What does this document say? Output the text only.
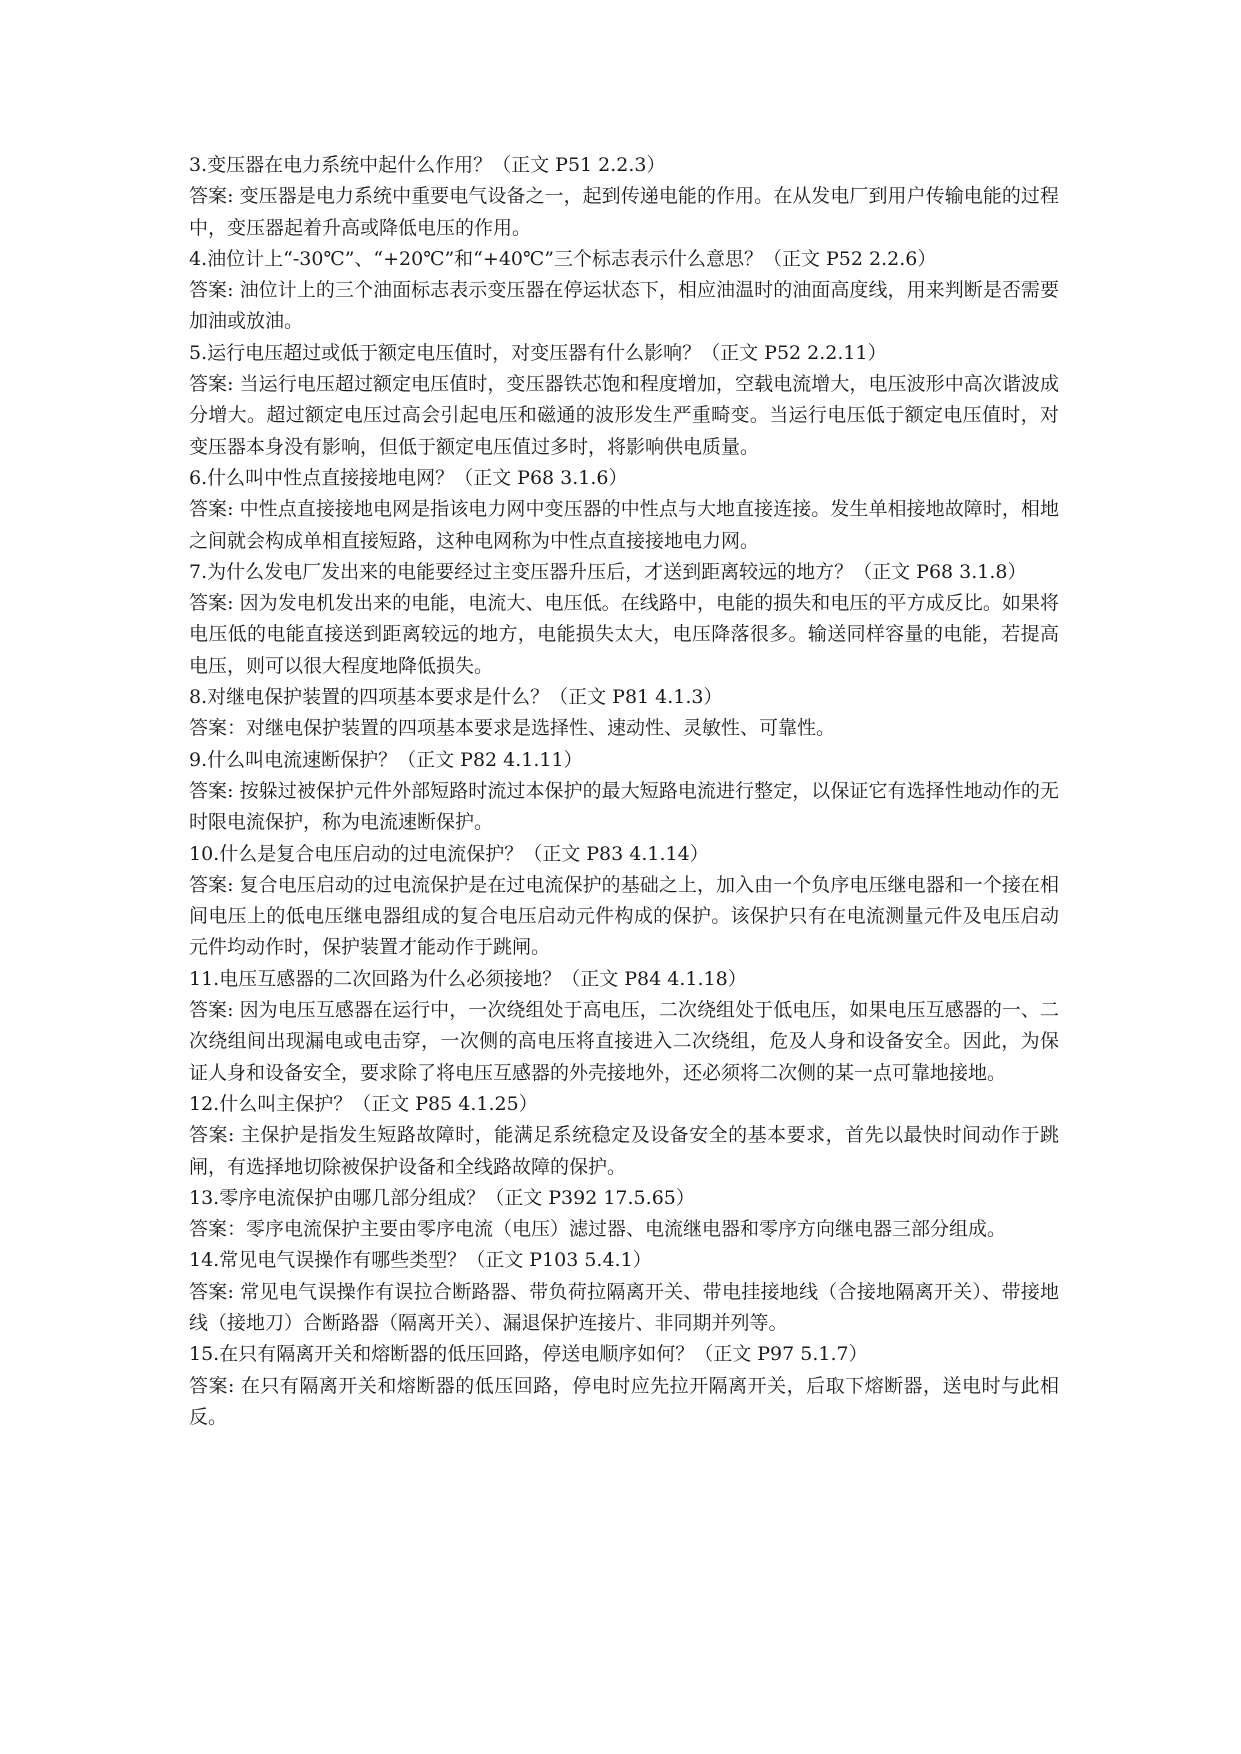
3.变压器在电力系统中起什么作用？（正文 P51 2.2.3）

答案: 变压器是电力系统中重要电气设备之一，起到传递电能的作用。在从发电厂到用户传输电能的过程中，变压器起着升高或降低电压的作用。

4.油位计上“-30℃”、“+20℃”和“+40℃”三个标志表示什么意思？（正文 P52 2.2.6）

答案: 油位计上的三个油面标志表示变压器在停运状态下，相应油温时的油面高度线，用来判断是否需要加油或放油。

5.运行电压超过或低于额定电压值时，对变压器有什么影响？（正文 P52 2.2.11）

答案: 当运行电压超过额定电压值时，变压器铁芯饱和程度增加，空载电流增大，电压波形中高次谐波成分增大。超过额定电压过高会引起电压和磁通的波形发生严重畸变。当运行电压低于额定电压值时，对变压器本身没有影响，但低于额定电压值过多时，将影响供电质量。

6.什么叫中性点直接接地电网？（正文 P68 3.1.6）

答案: 中性点直接接地电网是指该电力网中变压器的中性点与大地直接连接。发生单相接地故障时，相地之间就会构成单相直接短路，这种电网称为中性点直接接地电力网。

7.为什么发电厂发出来的电能要经过主变压器升压后，才送到距离较远的地方？（正文 P68 3.1.8）

答案: 因为发电机发出来的电能，电流大、电压低。在线路中，电能的损失和电压的平方成反比。如果将电压低的电能直接送到距离较远的地方，电能损失太大，电压降落很多。输送同样容量的电能，若提高电压，则可以很大程度地降低损失。

8.对继电保护装置的四项基本要求是什么？（正文 P81 4.1.3）

答案：对继电保护装置的四项基本要求是选择性、速动性、灵敏性、可靠性。

9.什么叫电流速断保护？（正文 P82 4.1.11）

答案: 按躲过被保护元件外部短路时流过本保护的最大短路电流进行整定，以保证它有选择性地动作的无时限电流保护，称为电流速断保护。

10.什么是复合电压启动的过电流保护？（正文 P83 4.1.14）

答案: 复合电压启动的过电流保护是在过电流保护的基础之上，加入由一个负序电压继电器和一个接在相间电压上的低电压继电器组成的复合电压启动元件构成的保护。该保护只有在电流测量元件及电压启动元件均动作时，保护装置才能动作于跳闸。

11.电压互感器的二次回路为什么必须接地？（正文 P84 4.1.18）

答案: 因为电压互感器在运行中，一次绕组处于高电压，二次绕组处于低电压，如果电压互感器的一、二次绕组间出现漏电或电击穿，一次侧的高电压将直接进入二次绕组，危及人身和设备安全。因此，为保证人身和设备安全，要求除了将电压互感器的外壳接地外，还必须将二次侧的某一点可靠地接地。

12.什么叫主保护？（正文 P85 4.1.25）

答案: 主保护是指发生短路故障时，能满足系统稳定及设备安全的基本要求，首先以最快时间动作于跳闸，有选择地切除被保护设备和全线路故障的保护。

13.零序电流保护由哪几部分组成？（正文 P392 17.5.65）

答案：零序电流保护主要由零序电流（电压）滤过器、电流继电器和零序方向继电器三部分组成。

14.常见电气误操作有哪些类型？（正文 P103 5.4.1）

答案: 常见电气误操作有误拉合断路器、带负荷拉隔离开关、带电挂接地线（合接地隔离开关）、带接地线（接地刀）合断路器（隔离开关）、漏退保护连接片、非同期并列等。

15.在只有隔离开关和熔断器的低压回路，停送电顺序如何？（正文 P97 5.1.7）

答案: 在只有隔离开关和熔断器的低压回路，停电时应先拉开隔离开关，后取下熔断器，送电时与此相反。
